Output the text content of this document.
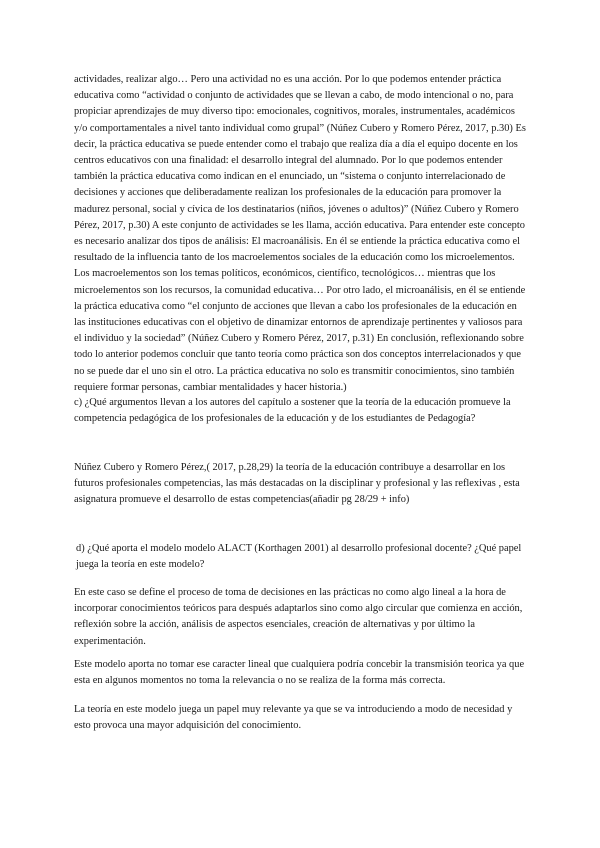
actividades, realizar algo… Pero una actividad no es una acción. Por lo que podemos entender práctica educativa como “actividad o conjunto de actividades que se llevan a cabo, de modo intencional o no, para propiciar aprendizajes de muy diverso tipo: emocionales, cognitivos, morales, instrumentales, académicos y/o comportamentales a nivel tanto individual como grupal” (Núñez Cubero y Romero Pérez, 2017, p.30) Es decir, la práctica educativa se puede entender como el trabajo que realiza día a día el equipo docente en los centros educativos con una finalidad: el desarrollo integral del alumnado. Por lo que podemos entender también la práctica educativa como indican en el enunciado, un “sistema o conjunto interrelacionado de decisiones y acciones que deliberadamente realizan los profesionales de la educación para promover la madurez personal, social y cívica de los destinatarios (niños, jóvenes o adultos)” (Núñez Cubero y Romero Pérez, 2017, p.30) A este conjunto de actividades se les llama, acción educativa. Para entender este concepto es necesario analizar dos tipos de análisis: El macroanálisis. En él se entiende la práctica educativa como el resultado de la influencia tanto de los macroelementos sociales de la educación como los microelementos. Los macroelementos son los temas políticos, económicos, científico, tecnológicos… mientras que los microelementos son los recursos, la comunidad educativa… Por otro lado, el microanálisis, en él se entiende la práctica educativa como “el conjunto de acciones que llevan a cabo los profesionales de la educación en las instituciones educativas con el objetivo de dinamizar entornos de aprendizaje pertinentes y valiosos para el individuo y la sociedad” (Núñez Cubero y Romero Pérez, 2017, p.31) En conclusión, reflexionando sobre todo lo anterior podemos concluir que tanto teoría como práctica son dos conceptos interrelacionados y que no se puede dar el uno sin el otro. La práctica educativa no solo es transmitir conocimientos, sino también requiere formar personas, cambiar mentalidades y hacer historia.)

c) ¿Qué argumentos llevan a los autores del capítulo a sostener que la teoría de la educación promueve la competencia pedagógica de los profesionales de la educación y de los estudiantes de Pedagogía?

Núñez Cubero y Romero Pérez,( 2017, p.28,29) la teoría de la educación contribuye a desarrollar en los futuros profesionales competencias, las más destacadas on la disciplinar y profesional y las reflexivas , esta asignatura promueve el desarrollo de estas competencias(añadir pg 28/29 + info)

d) ¿Qué aporta el modelo modelo ALACT (Korthagen 2001) al desarrollo profesional docente? ¿Qué papel juega la teoría en este modelo?

En este caso se define el proceso de toma de decisiones en las prácticas no como algo lineal a la hora de incorporar conocimientos teóricos para después adaptarlos sino como algo circular que comienza en acción, reflexión sobre la acción, análisis de aspectos esenciales, creación de alternativas y por último la experimentación.

Este modelo aporta no tomar ese caracter lineal que cualquiera podría concebir la transmisión teorica ya que esta en algunos momentos no toma la relevancia o no se realiza de la forma más correcta.

La teoría en este modelo juega un papel muy relevante ya que se va introduciendo a modo de necesidad y esto provoca una mayor adquisición del conocimiento.
